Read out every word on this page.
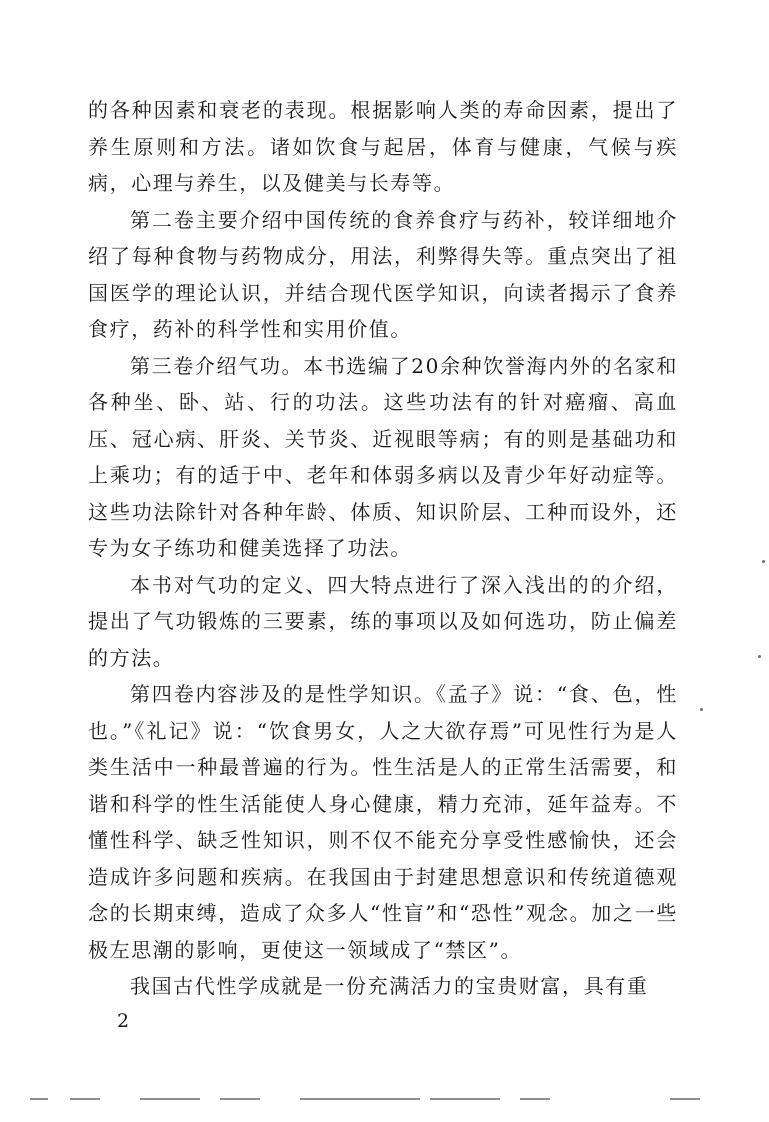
的各种因素和衰老的表现。根据影响人类的寿命因素，提出了养生原则和方法。诸如饮食与起居，体育与健康，气候与疾病，心理与养生，以及健美与长寿等。

第二卷主要介绍中国传统的食养食疗与药补，较详细地介绍了每种食物与药物成分，用法，利弊得失等。重点突出了祖国医学的理论认识，并结合现代医学知识，向读者揭示了食养食疗，药补的科学性和实用价值。

第三卷介绍气功。本书选编了20余种饮誉海内外的名家和各种坐、卧、站、行的功法。这些功法有的针对癌瘤、高血压、冠心病、肝炎、关节炎、近视眼等病；有的则是基础功和上乘功；有的适于中、老年和体弱多病以及青少年好动症等。这些功法除针对各种年龄、体质、知识阶层、工种而设外，还专为女子练功和健美选择了功法。

本书对气功的定义、四大特点进行了深入浅出的的介绍，提出了气功锻炼的三要素，练的事项以及如何选功，防止偏差的方法。

第四卷内容涉及的是性学知识。《孟子》说：“食、色，性也。”《礼记》说：“饮食男女，人之大欲存焉”可见性行为是人类生活中一种最普遍的行为。性生活是人的正常生活需要，和谐和科学的性生活能使人身心健康，精力充沛，延年益寿。不懂性科学、缺乏性知识，则不仅不能充分享受性感愉快，还会造成许多问题和疾病。在我国由于封建思想意识和传统道德观念的长期束缚，造成了众多人“性盲”和“恐性”观念。加之一些极左思潮的影响，更使这一领域成了“禁区”。

我国古代性学成就是一份充满活力的宝贵财富，具有重

2
